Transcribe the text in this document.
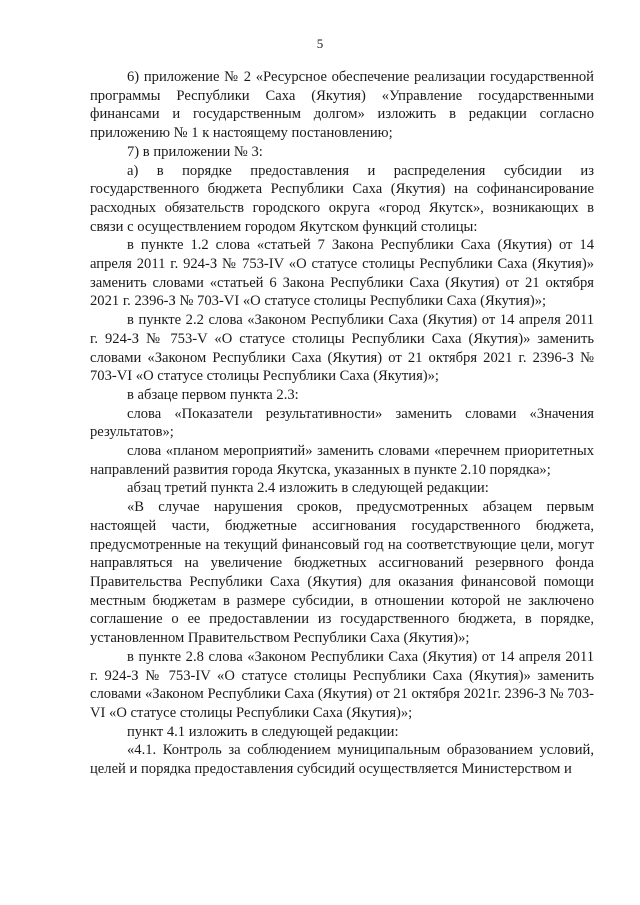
5

6) приложение № 2 «Ресурсное обеспечение реализации государственной программы Республики Саха (Якутия) «Управление государственными финансами и государственным долгом» изложить в редакции согласно приложению № 1 к настоящему постановлению;

7) в приложении № 3:

а) в порядке предоставления и распределения субсидии из государственного бюджета Республики Саха (Якутия) на софинансирование расходных обязательств городского округа «город Якутск», возникающих в связи с осуществлением городом Якутском функций столицы:

в пункте 1.2 слова «статьей 7 Закона Республики Саха (Якутия) от 14 апреля 2011 г. 924-З № 753-IV «О статусе столицы Республики Саха (Якутия)» заменить словами «статьей 6 Закона Республики Саха (Якутия) от 21 октября 2021 г. 2396-З № 703-VI «О статусе столицы Республики Саха (Якутия)»;

в пункте 2.2 слова «Законом Республики Саха (Якутия) от 14 апреля 2011 г. 924-З № 753-V «О статусе столицы Республики Саха (Якутия)» заменить словами «Законом Республики Саха (Якутия) от 21 октября 2021 г. 2396-З № 703-VI «О статусе столицы Республики Саха (Якутия)»;

в абзаце первом пункта 2.3:

слова «Показатели результативности» заменить словами «Значения результатов»;

слова «планом мероприятий» заменить словами «перечнем приоритетных направлений развития города Якутска, указанных в пункте 2.10 порядка»;

абзац третий пункта 2.4 изложить в следующей редакции:

«В случае нарушения сроков, предусмотренных абзацем первым настоящей части, бюджетные ассигнования государственного бюджета, предусмотренные на текущий финансовый год на соответствующие цели, могут направляться на увеличение бюджетных ассигнований резервного фонда Правительства Республики Саха (Якутия) для оказания финансовой помощи местным бюджетам в размере субсидии, в отношении которой не заключено соглашение о ее предоставлении из государственного бюджета, в порядке, установленном Правительством Республики Саха (Якутия)»;

в пункте 2.8 слова «Законом Республики Саха (Якутия) от 14 апреля 2011 г. 924-З № 753-IV «О статусе столицы Республики Саха (Якутия)» заменить словами «Законом Республики Саха (Якутия) от 21 октября 2021г. 2396-З № 703-VI «О статусе столицы Республики Саха (Якутия)»;

пункт 4.1 изложить в следующей редакции:

«4.1. Контроль за соблюдением муниципальным образованием условий, целей и порядка предоставления субсидий осуществляется Министерством и
